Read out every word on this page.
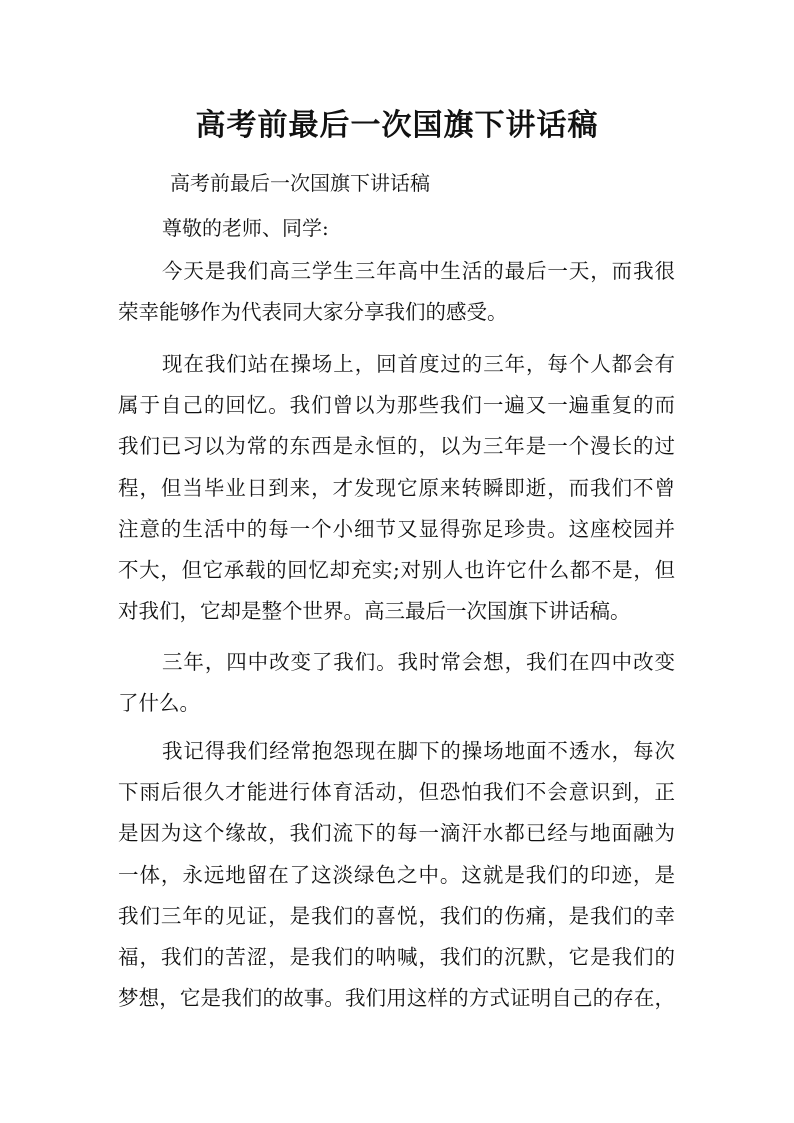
高考前最后一次国旗下讲话稿
高考前最后一次国旗下讲话稿
尊敬的老师、同学:
今天是我们高三学生三年高中生活的最后一天，而我很
荣幸能够作为代表同大家分享我们的感受。
现在我们站在操场上，回首度过的三年，每个人都会有
属于自己的回忆。我们曾以为那些我们一遍又一遍重复的而
我们已习以为常的东西是永恒的，以为三年是一个漫长的过
程，但当毕业日到来，才发现它原来转瞬即逝，而我们不曾
注意的生活中的每一个小细节又显得弥足珍贵。这座校园并
不大，但它承载的回忆却充实;对别人也许它什么都不是，但
对我们，它却是整个世界。高三最后一次国旗下讲话稿。
三年，四中改变了我们。我时常会想，我们在四中改变
了什么。
我记得我们经常抱怨现在脚下的操场地面不透水，每次
下雨后很久才能进行体育活动，但恐怕我们不会意识到，正
是因为这个缘故，我们流下的每一滴汗水都已经与地面融为
一体，永远地留在了这淡绿色之中。这就是我们的印迹，是
我们三年的见证，是我们的喜悦，我们的伤痛，是我们的幸
福，我们的苦涩，是我们的呐喊，我们的沉默，它是我们的
梦想，它是我们的故事。我们用这样的方式证明自己的存在，
